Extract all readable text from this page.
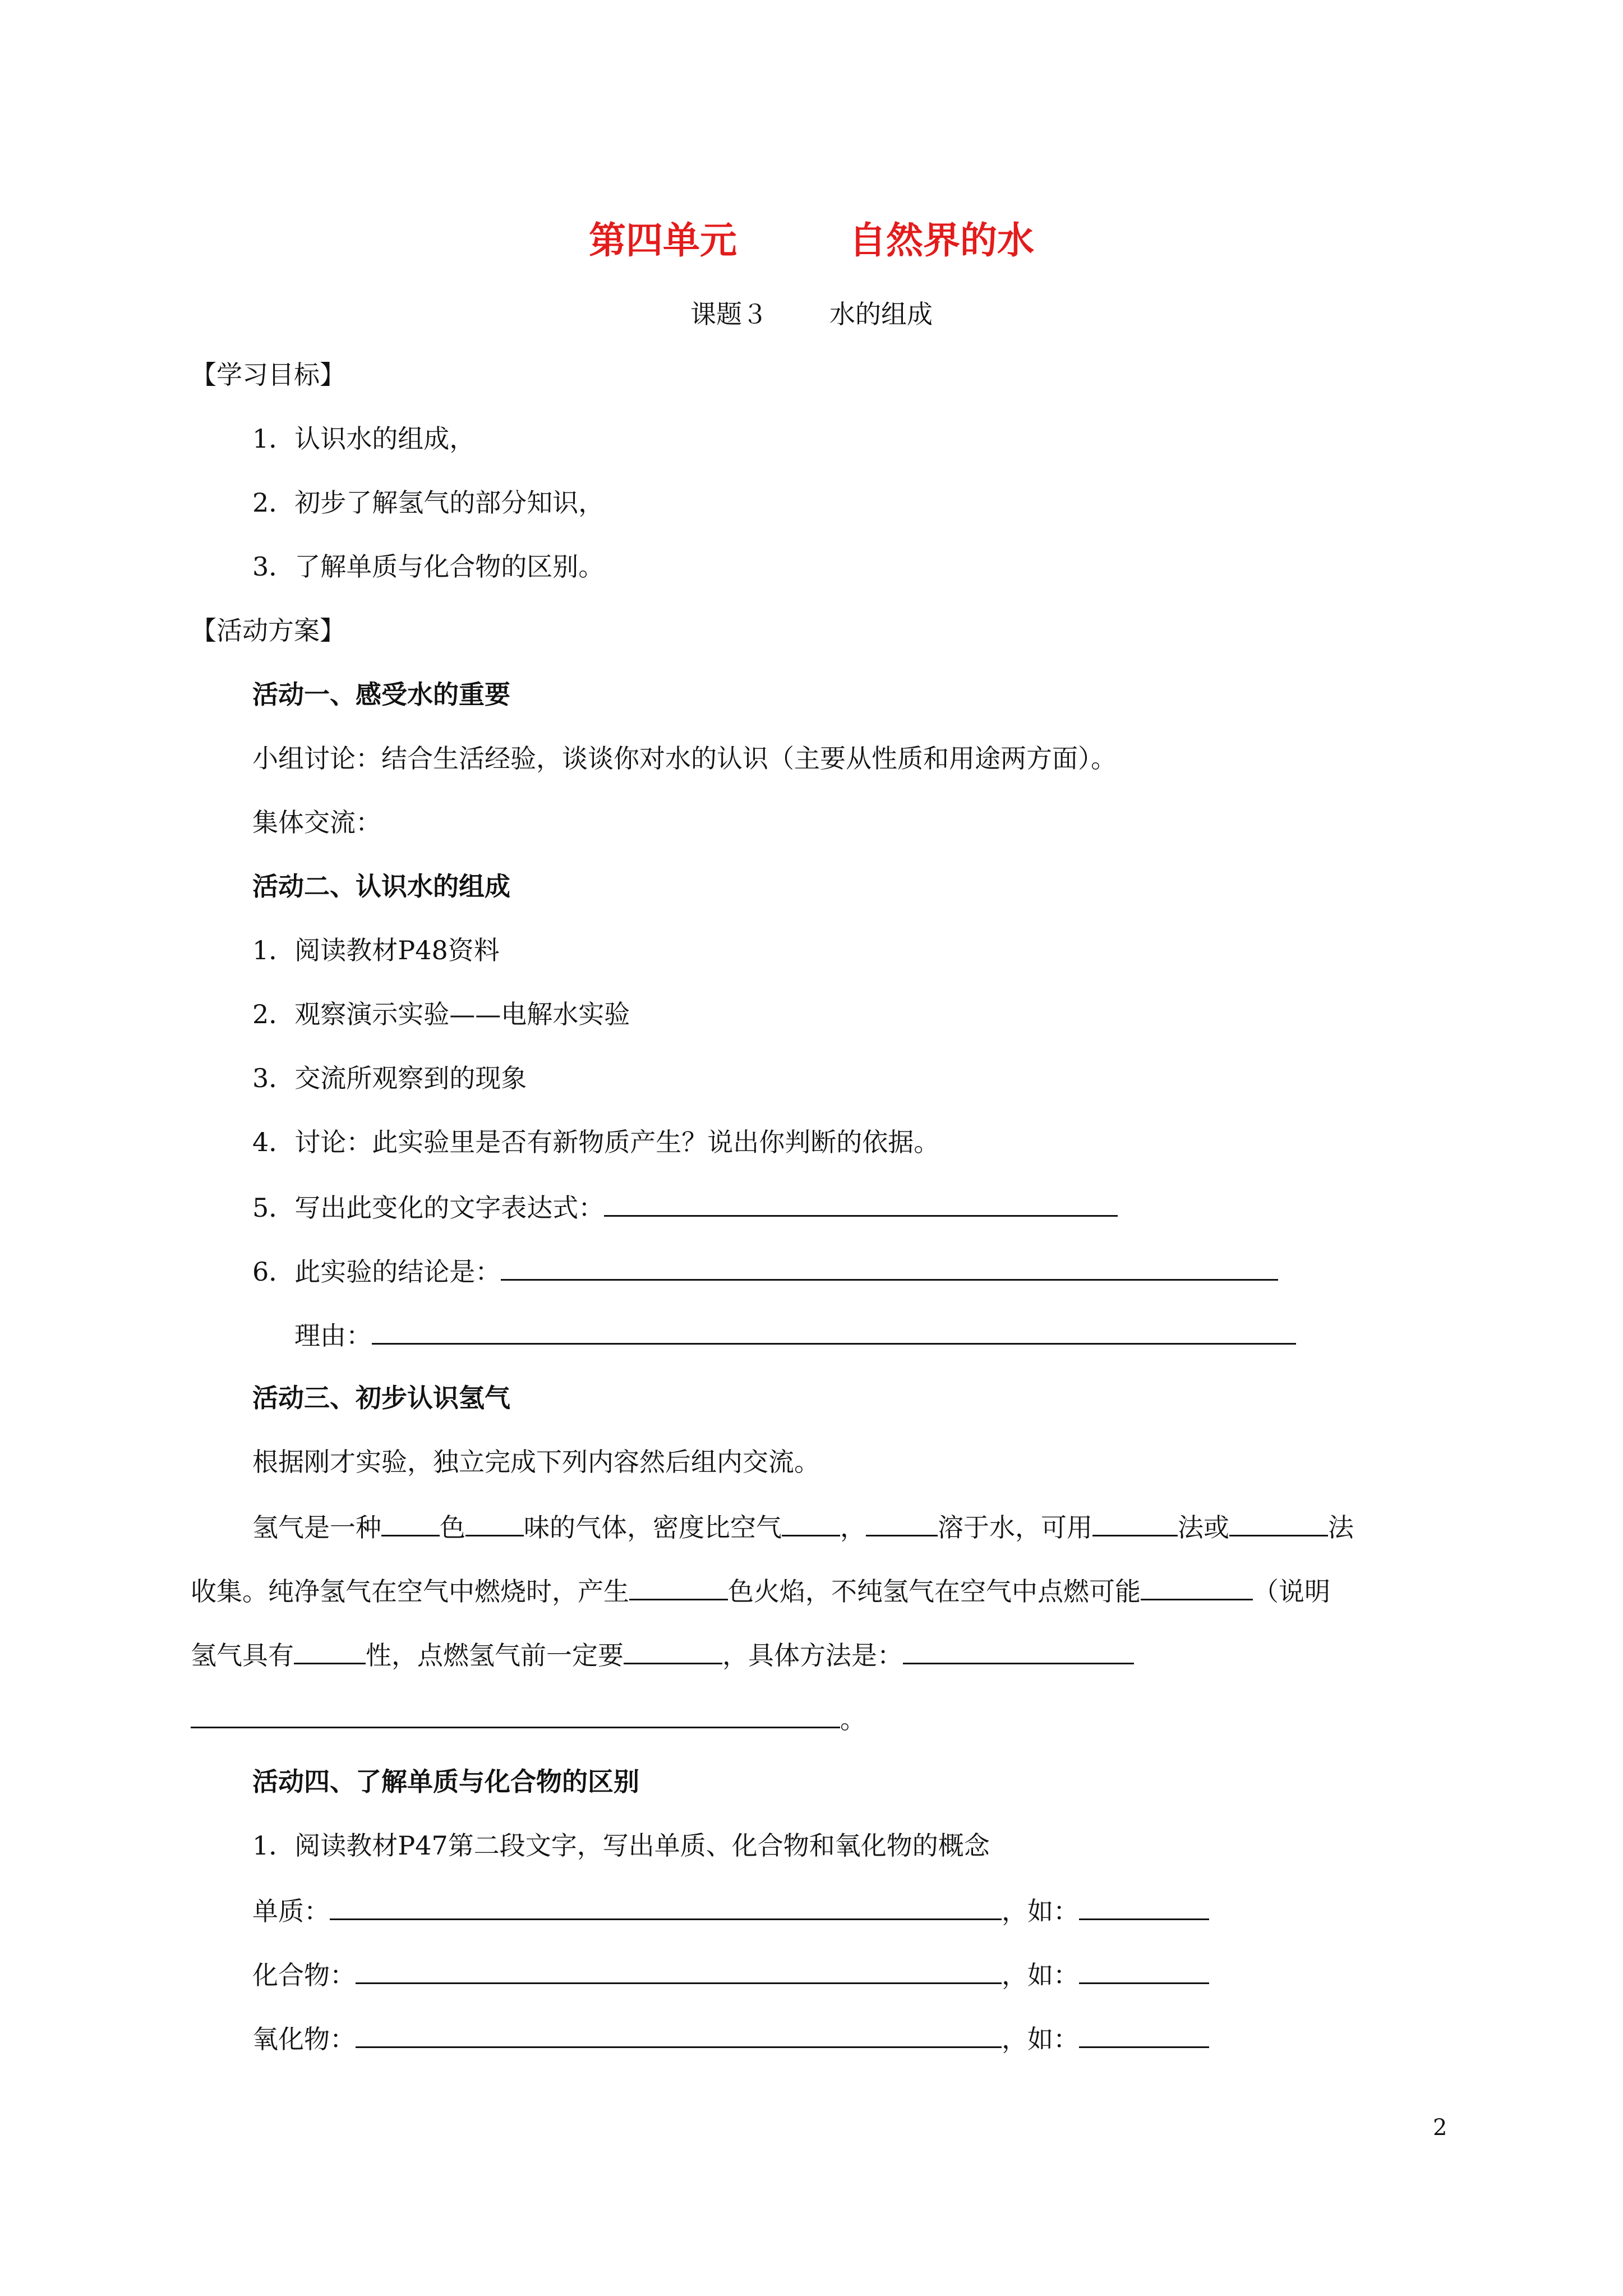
第四单元	自然界的水
课题３ 水的组成
【学习目标】
1．认识水的组成，
2．初步了解氢气的部分知识，
3．了解单质与化合物的区别。
【活动方案】
活动一、感受水的重要
小组讨论：结合生活经验，谈谈你对水的认识（主要从性质和用途两方面）。
集体交流：
活动二、认识水的组成
1．阅读教材P48资料
2．观察演示实验——电解水实验
3．交流所观察到的现象
4．讨论：此实验里是否有新物质产生？说出你判断的依据。
5．写出此变化的文字表达式：
6．此实验的结论是：
理由：
活动三、初步认识氢气
根据刚才实验，独立完成下列内容然后组内交流。
氢气是一种 色 味的气体，密度比空气 ，	溶于水，可用	法或	法
收集。纯净氢气在空气中燃烧时，产生	色火焰，不纯氢气在空气中点燃可能	（说明
氢气具有	性，点燃氢气前一定要	，具体方法是：
。
活动四、了解单质与化合物的区别
1．阅读教材P47第二段文字，写出单质、化合物和氧化物的概念
单质：	，如：
化合物：	，如：
氧化物：	，如：
2
